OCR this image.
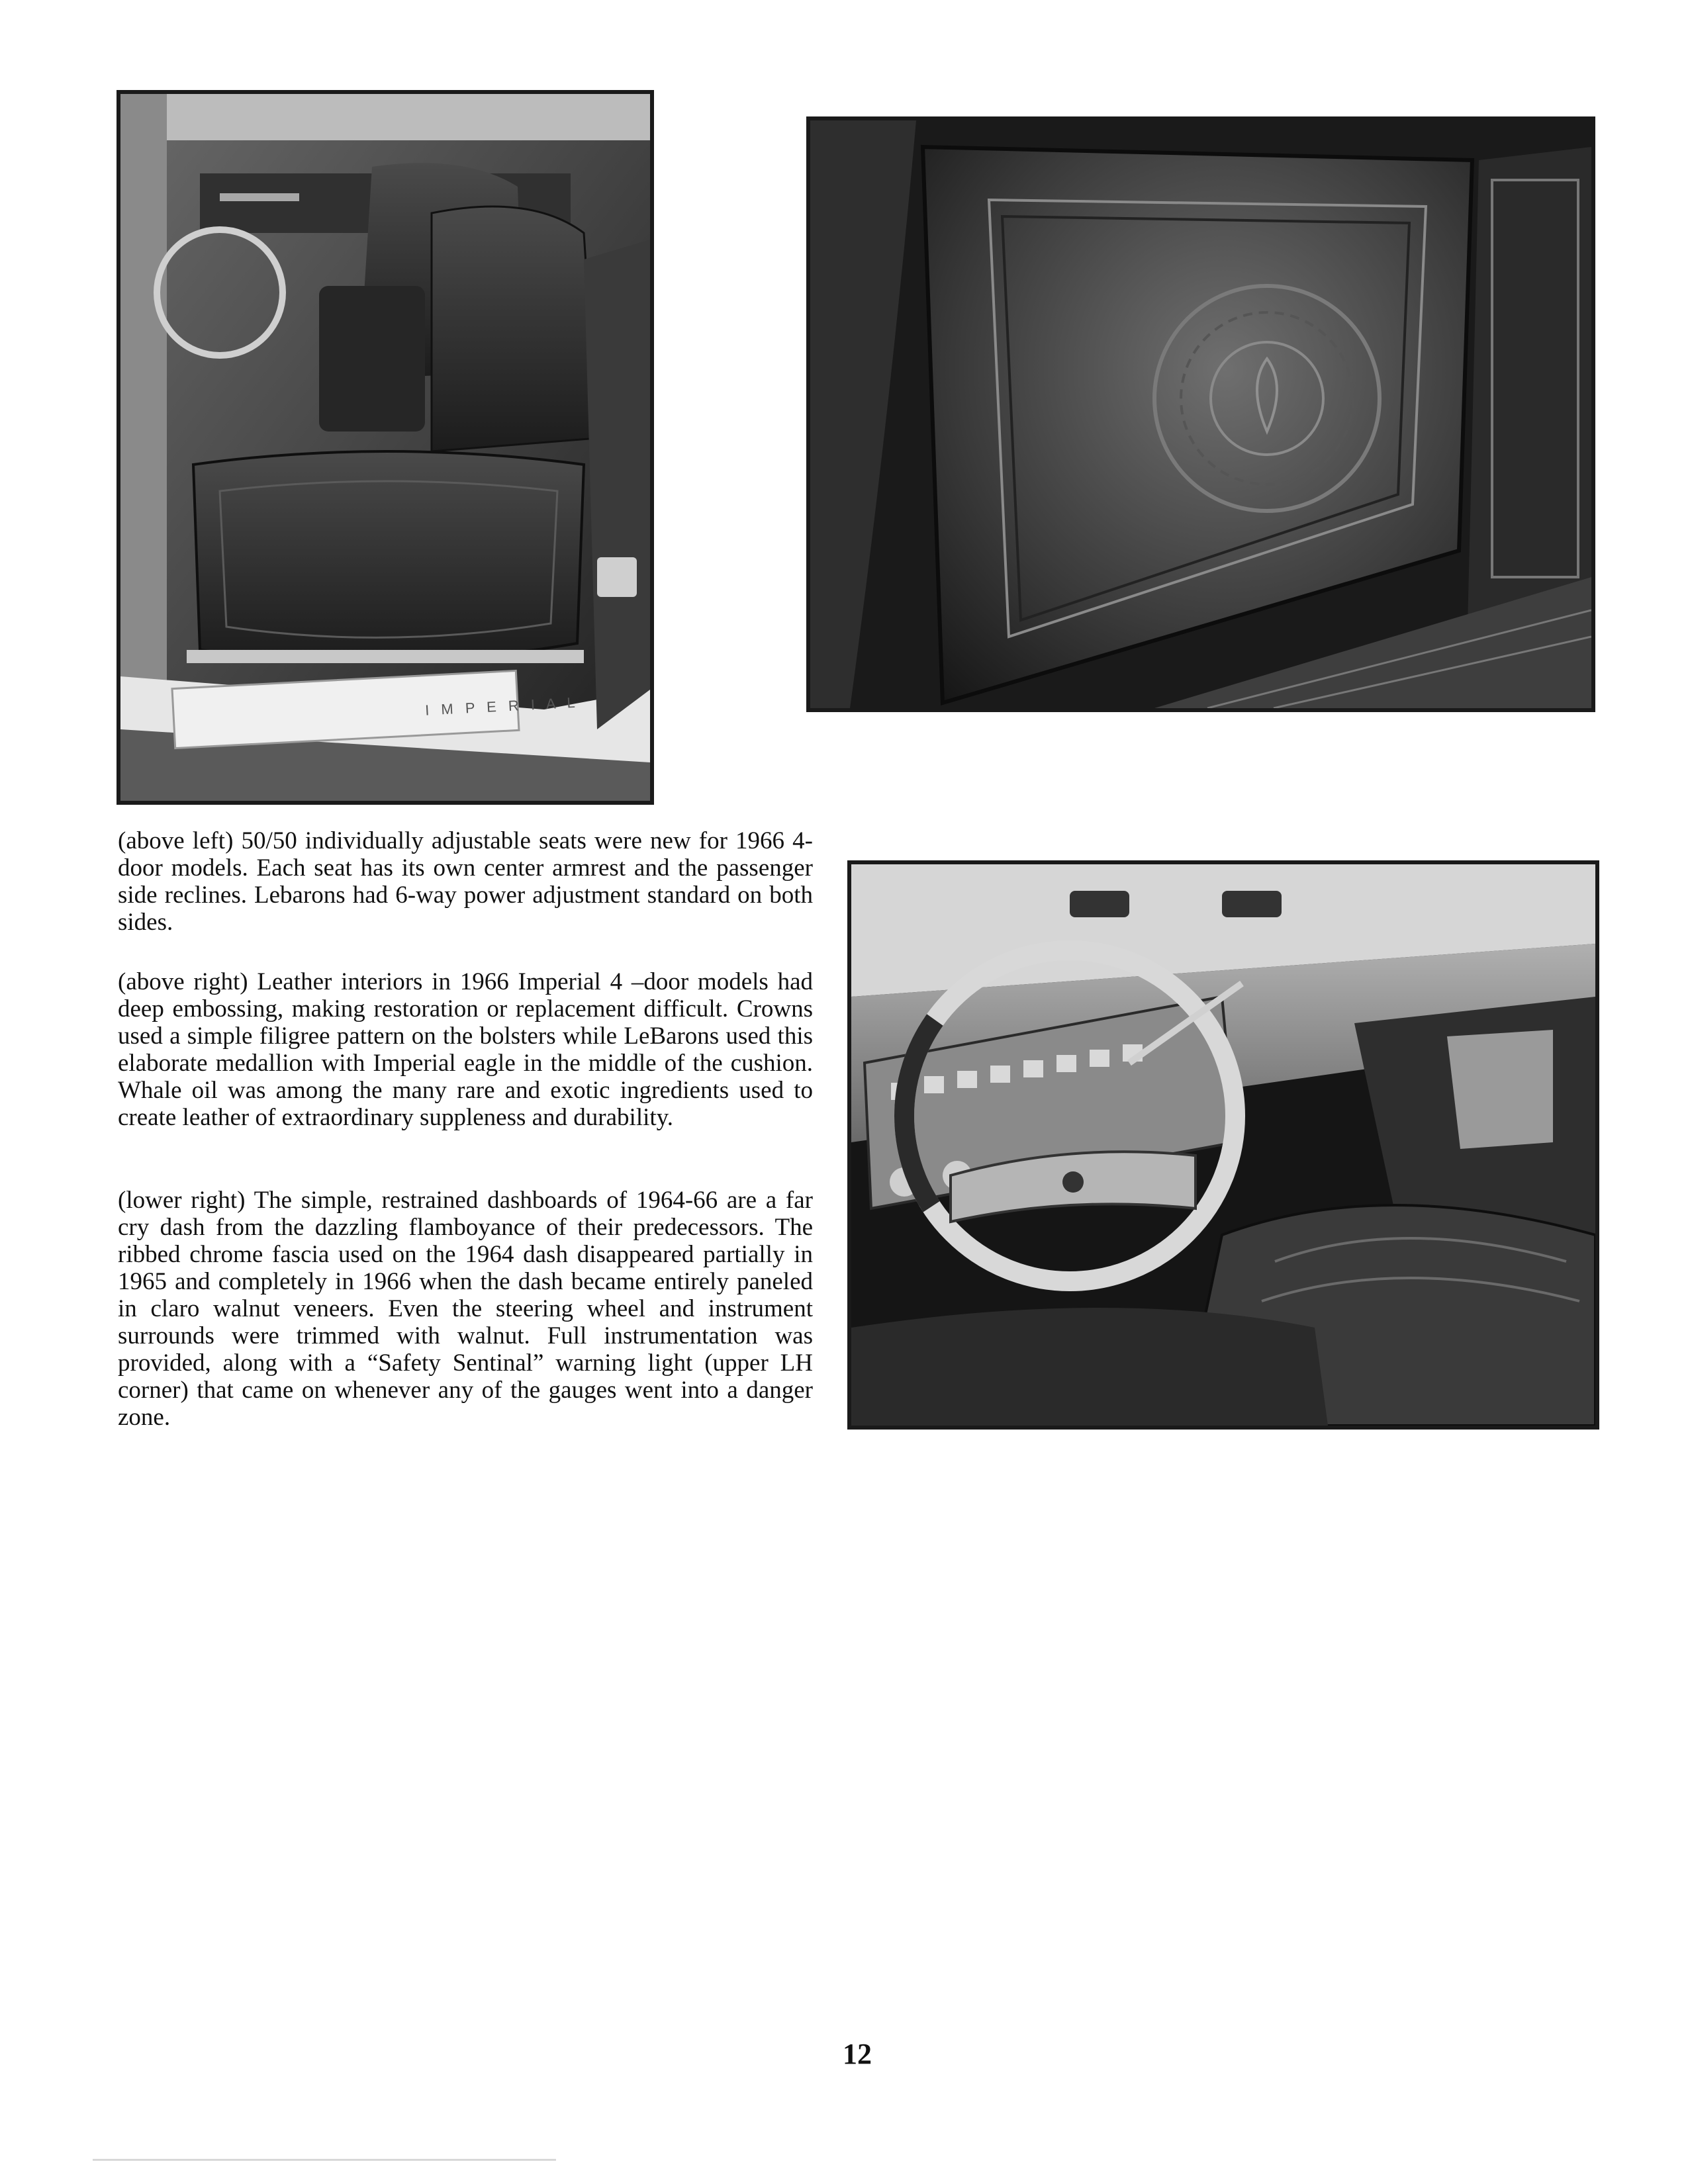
I M P E R I A L

(above left) 50/50 individually adjustable seats were new for 1966 4-door models. Each seat has its own center armrest and the passenger side reclines. Lebarons had 6-way power adjustment standard on both sides.

(above right) Leather interiors in 1966 Imperial 4 –door models had deep embossing, making restoration or replacement difficult. Crowns used a simple filigree pattern on the bolsters while LeBarons used this elaborate medallion with Imperial eagle in the middle of the cushion. Whale oil was among the many rare and exotic ingredients used to create leather of extraordinary suppleness and durability.

(lower right) The simple, restrained dashboards of 1964-66 are a far cry dash from the dazzling flamboyance of their predecessors. The ribbed chrome fascia used on the 1964 dash disappeared partially in 1965 and completely in 1966 when the dash became entirely paneled in claro walnut veneers. Even the steering wheel and instrument surrounds were trimmed with walnut. Full instrumentation was provided, along with a “Safety Sentinal” warning light (upper LH corner) that came on whenever any of the gauges went into a danger zone.

12
